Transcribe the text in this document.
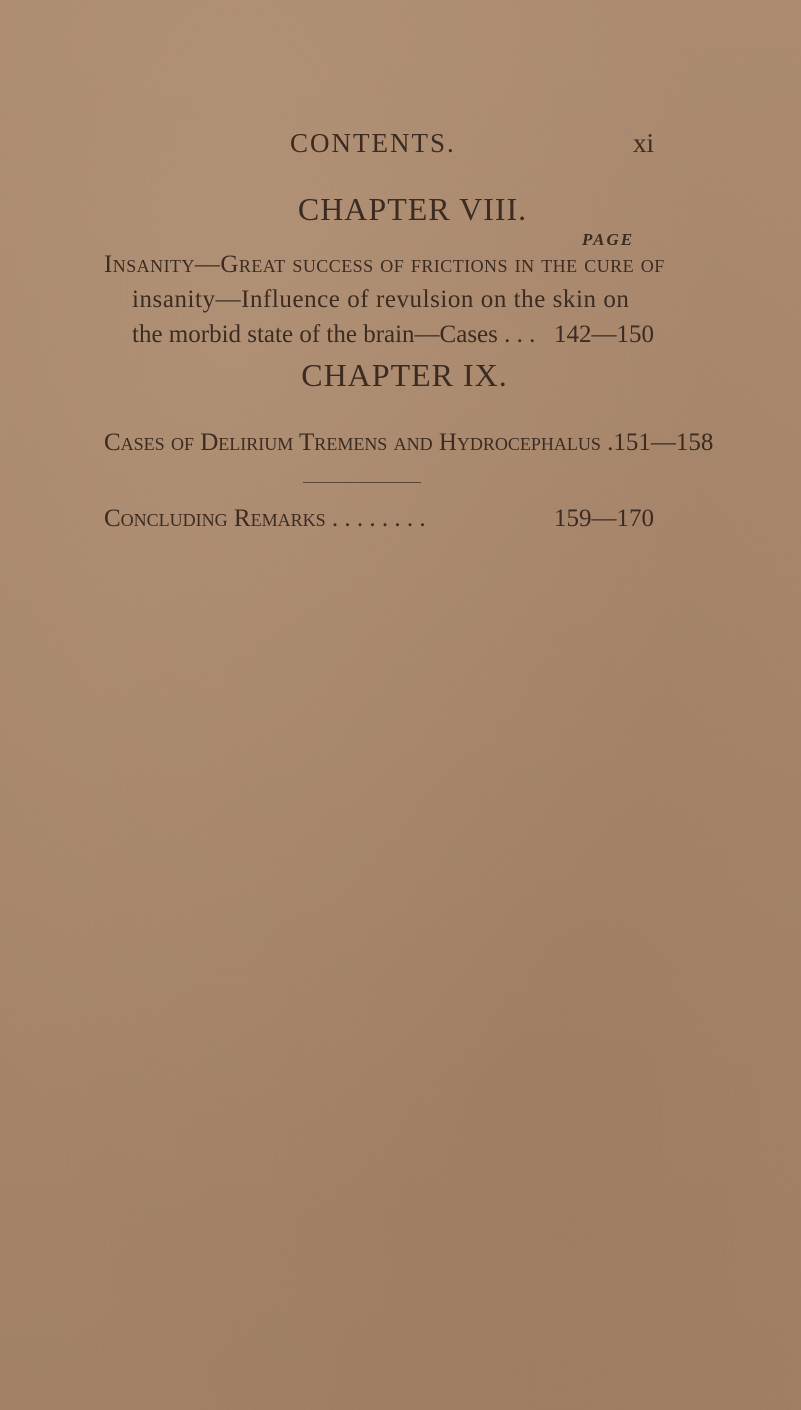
CONTENTS.	xi
CHAPTER VIII.
PAGE
Insanity—Great success of frictions in the cure of
insanity—Influence of revulsion on the skin on
the morbid state of the brain—Cases . . . 142—150
CHAPTER IX.
Cases of Delirium Tremens and Hydrocephalus . 151—158
Concluding Remarks . . . . . . . .	159—170
